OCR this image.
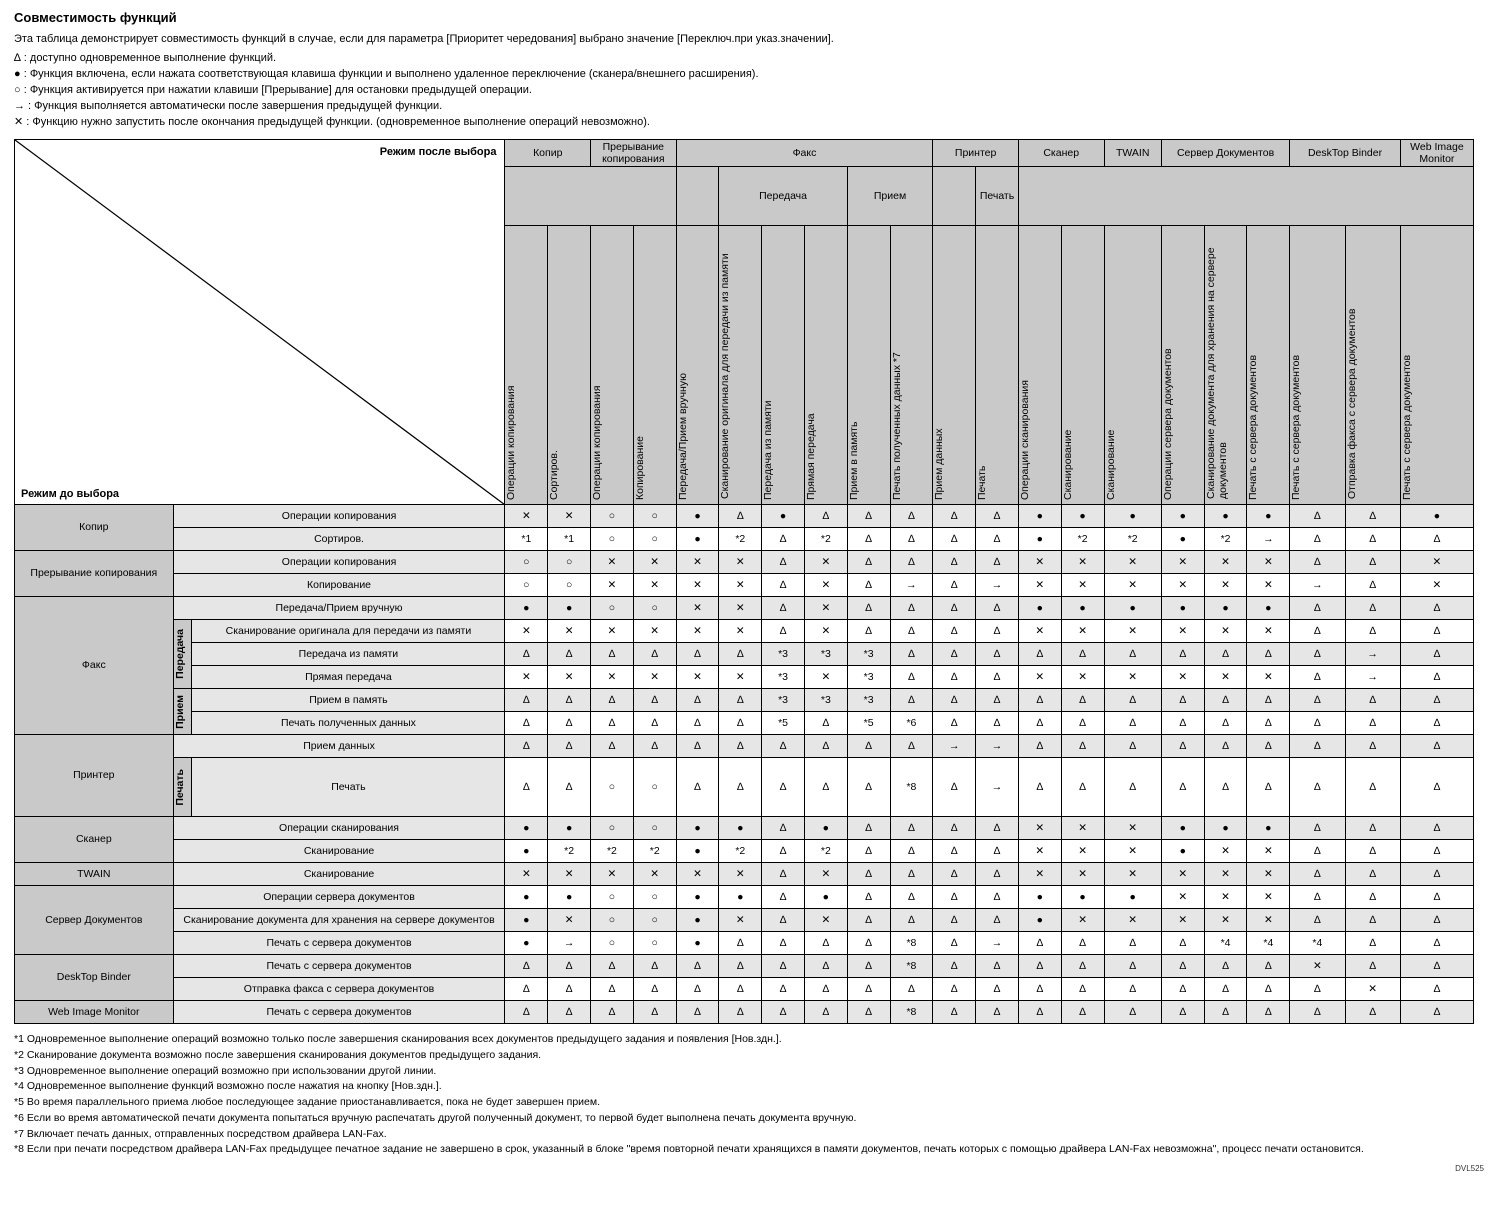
Совместимость функций
Эта таблица демонстрирует совместимость функций в случае, если для параметра [Приоритет чередования] выбрано значение [Переключ.при указ.значении].
∆ : доступно одновременное выполнение функций.
● : Функция включена, если нажата соответствующая клавиша функции и выполнено удаленное переключение (сканера/внешнего расширения).
○ : Функция активируется при нажатии клавиши [Прерывание] для остановки предыдущей операции.
→ : Функция выполняется автоматически после завершения предыдущей функции.
✕ : Функцию нужно запустить после окончания предыдущей функции. (одновременное выполнение операций невозможно).
Режим после выбора
Режим до выбора			Копир		Прерывание копирования		Факс						Принтер		Сканер		TWAIN	Сервер Документов			DeskTop Binder		Web Image Monitor
								Передача			Прием			Печать									

			Операции копирования	Сортиров.	Операции копирования	Копирование	Передача/Прием вручную	Сканирование оригинала для передачи из памяти	Передача из памяти	Прямая передача	Прием в память	Печать полученных данных *7	Прием данных	Печать	Операции сканирования	Сканирование	Сканирование	Операции сервера документов	Сканирование документа для хранения на сервере документов	Печать с сервера документов	Печать с сервера документов	Отправка факса с сервера документов	Печать с сервера документов

Копир	Операции копирования		✕	✕	○	○	●	∆	●	∆	∆	∆	∆	∆	●	●	●	●	●	●	∆	∆	●
	Сортиров.		*1	*1	○	○	●	*2	∆	*2	∆	∆	∆	∆	●	*2	*2	●	*2	→	∆	∆	∆
Прерывание копирования	Операции копирования		○	○	✕	✕	✕	✕	∆	✕	∆	∆	∆	∆	✕	✕	✕	✕	✕	✕	∆	∆	✕
	Копирование		○	○	✕	✕	✕	✕	∆	✕	∆	→	∆	→	✕	✕	✕	✕	✕	✕	→	∆	✕
Факс	Передача/Прием вручную		●	●	○	○	✕	✕	∆	✕	∆	∆	∆	∆	●	●	●	●	●	●	∆	∆	∆

	Передача	Сканирование оригинала для передачи из памяти	✕	✕	✕	✕	✕	✕	∆	✕	∆	∆	∆	∆	✕	✕	✕	✕	✕	✕	∆	∆	∆
		Передача из памяти	∆	∆	∆	∆	∆	∆	*3	*3	*3	∆	∆	∆	∆	∆	∆	∆	∆	∆	∆	→	∆
		Прямая передача	✕	✕	✕	✕	✕	✕	*3	✕	*3	∆	∆	∆	✕	✕	✕	✕	✕	✕	∆	→	∆

	Прием	Прием в память	∆	∆	∆	∆	∆	∆	*3	*3	*3	∆	∆	∆	∆	∆	∆	∆	∆	∆	∆	∆	∆
		Печать полученных данных	∆	∆	∆	∆	∆	∆	*5	∆	*5	*6	∆	∆	∆	∆	∆	∆	∆	∆	∆	∆	∆
Принтер	Прием данных		∆	∆	∆	∆	∆	∆	∆	∆	∆	∆	→	→	∆	∆	∆	∆	∆	∆	∆	∆	∆

	Печать	Печать	∆	∆	○	○	∆	∆	∆	∆	∆	*8	∆	→	∆	∆	∆	∆	∆	∆	∆	∆	∆
Сканер	Операции сканирования		●	●	○	○	●	●	∆	●	∆	∆	∆	∆	✕	✕	✕	●	●	●	∆	∆	∆
	Сканирование		●	*2	*2	*2	●	*2	∆	*2	∆	∆	∆	∆	✕	✕	✕	●	✕	✕	∆	∆	∆
TWAIN	Сканирование		✕	✕	✕	✕	✕	✕	∆	✕	∆	∆	∆	∆	✕	✕	✕	✕	✕	✕	∆	∆	∆
Сервер Документов	Операции сервера документов		●	●	○	○	●	●	∆	●	∆	∆	∆	∆	●	●	●	✕	✕	✕	∆	∆	∆
	Сканирование документа для хранения на сервере документов		●	✕	○	○	●	✕	∆	✕	∆	∆	∆	∆	●	✕	✕	✕	✕	✕	∆	∆	∆
	Печать с сервера документов		●	→	○	○	●	∆	∆	∆	∆	*8	∆	→	∆	∆	∆	∆	*4	*4	*4	∆	∆
DeskTop Binder	Печать с сервера документов		∆	∆	∆	∆	∆	∆	∆	∆	∆	*8	∆	∆	∆	∆	∆	∆	∆	∆	✕	∆	∆
	Отправка факса с сервера документов		∆	∆	∆	∆	∆	∆	∆	∆	∆	∆	∆	∆	∆	∆	∆	∆	∆	∆	∆	✕	∆
Web Image Monitor	Печать с сервера документов		∆	∆	∆	∆	∆	∆	∆	∆	∆	*8	∆	∆	∆	∆	∆	∆	∆	∆	∆	∆	∆
*1 Одновременное выполнение операций возможно только после завершения сканирования всех документов предыдущего задания и появления [Нов.здн.].
*2 Сканирование документа возможно после завершения сканирования документов предыдущего задания.
*3 Одновременное выполнение операций возможно при использовании другой линии.
*4 Одновременное выполнение функций возможно после нажатия на кнопку [Нов.здн.].
*5 Во время параллельного приема любое последующее задание приостанавливается, пока не будет завершен прием.
*6 Если во время автоматической печати документа попытаться вручную распечатать другой полученный документ, то первой будет выполнена печать документа вручную.
*7 Включает печать данных, отправленных посредством драйвера LAN-Fax.
*8 Если при печати посредством драйвера LAN-Fax предыдущее печатное задание не завершено в срок, указанный в блоке "время повторной печати хранящихся в памяти документов, печать которых с помощью драйвера LAN-Fax невозможна", процесс печати остановится.
DVL525
